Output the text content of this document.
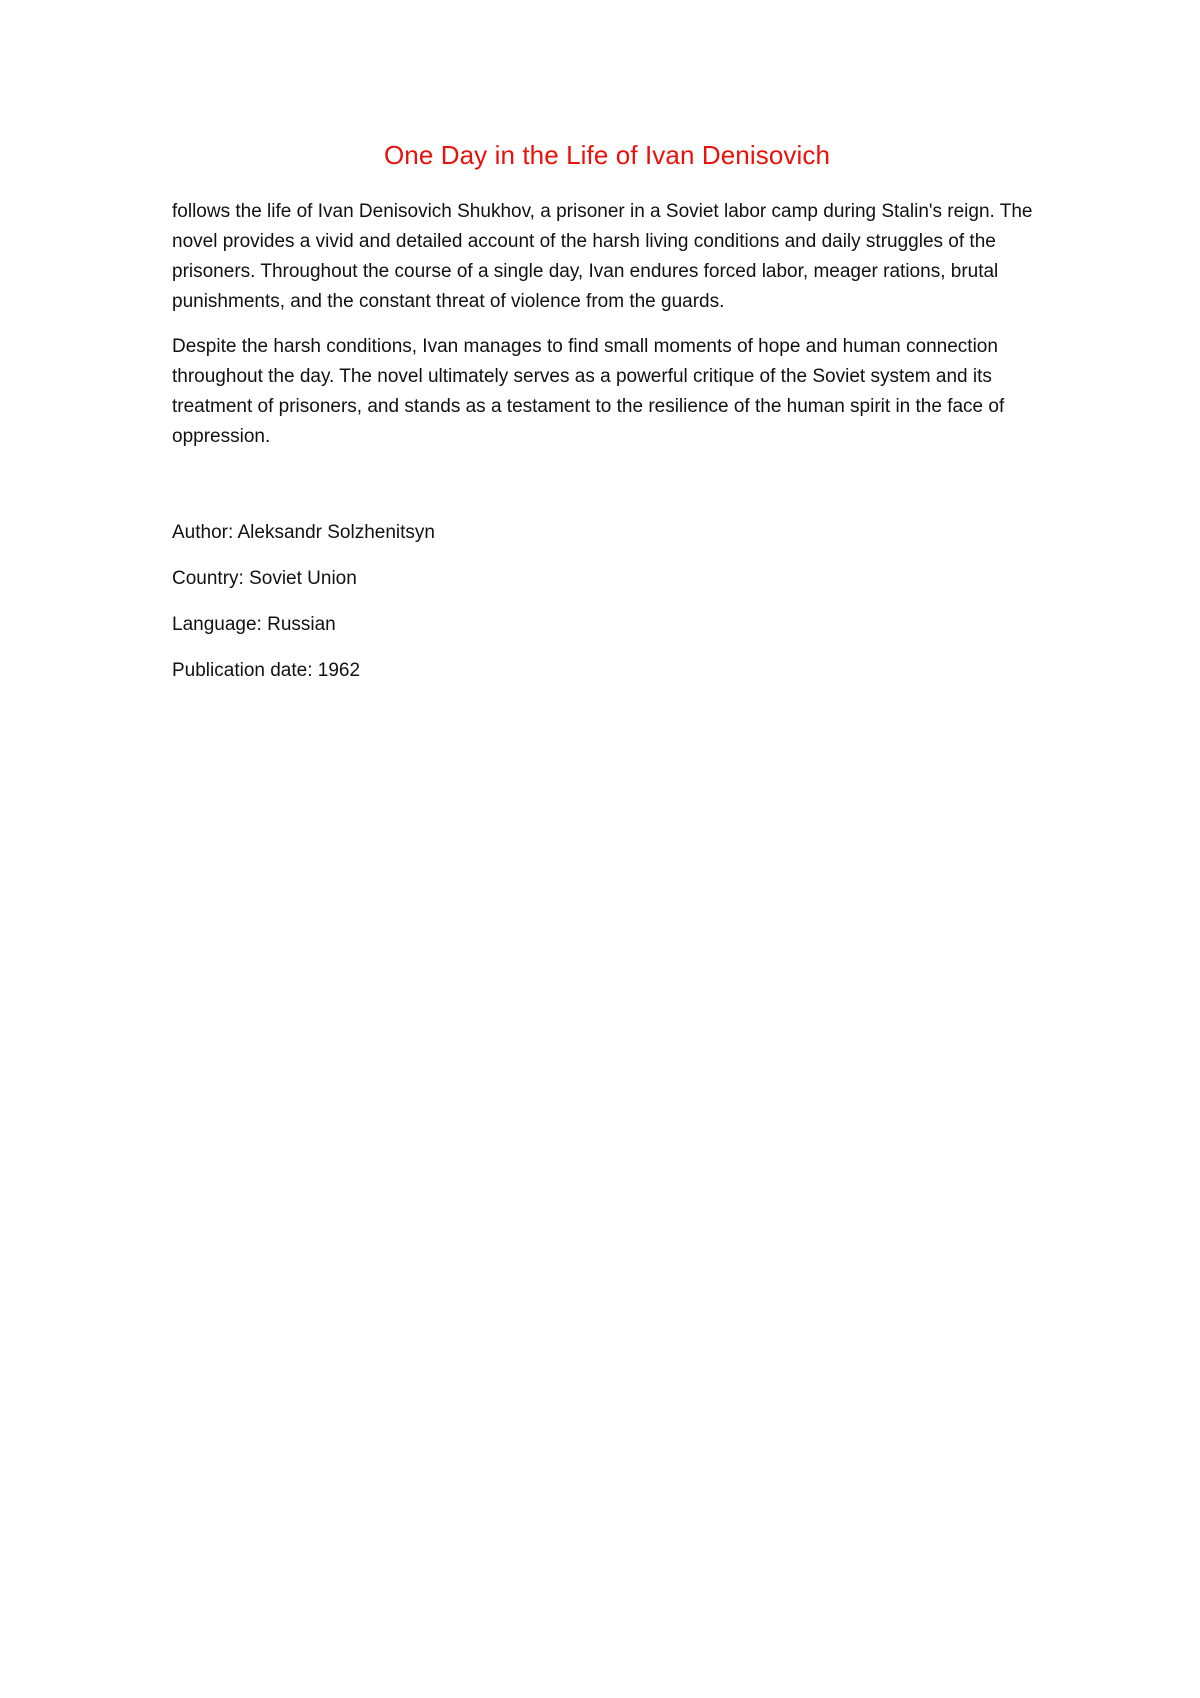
One Day in the Life of Ivan Denisovich

follows the life of Ivan Denisovich Shukhov, a prisoner in a Soviet labor camp during Stalin's reign. The novel provides a vivid and detailed account of the harsh living conditions and daily struggles of the prisoners. Throughout the course of a single day, Ivan endures forced labor, meager rations, brutal punishments, and the constant threat of violence from the guards.

Despite the harsh conditions, Ivan manages to find small moments of hope and human connection throughout the day. The novel ultimately serves as a powerful critique of the Soviet system and its treatment of prisoners, and stands as a testament to the resilience of the human spirit in the face of oppression.

Author: Aleksandr Solzhenitsyn

Country: Soviet Union

Language: Russian

Publication date: 1962
